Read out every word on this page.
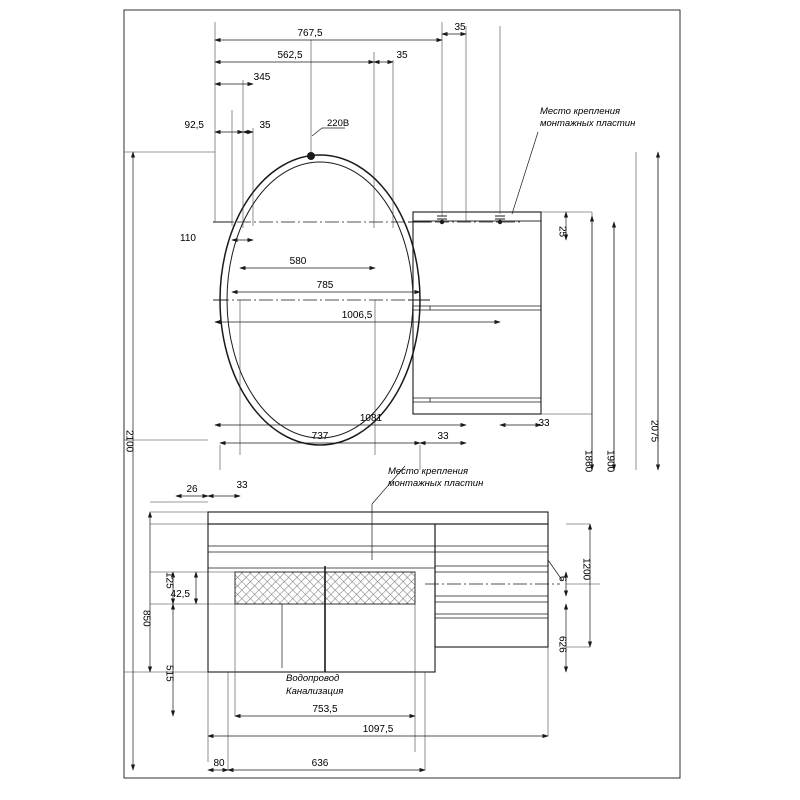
767,5
562,5
345
92,5	35
35
35
110
580
785
1006,5
1081
737	33
33
25
1860 1900
2075
1200
6
626
2100
850
515
125
42,5
26	33
753,5
1097,5
80	636
220В
Место крепления
монтажных пластин
Место крепления
монтажных пластин
Водопровод
Канализация
